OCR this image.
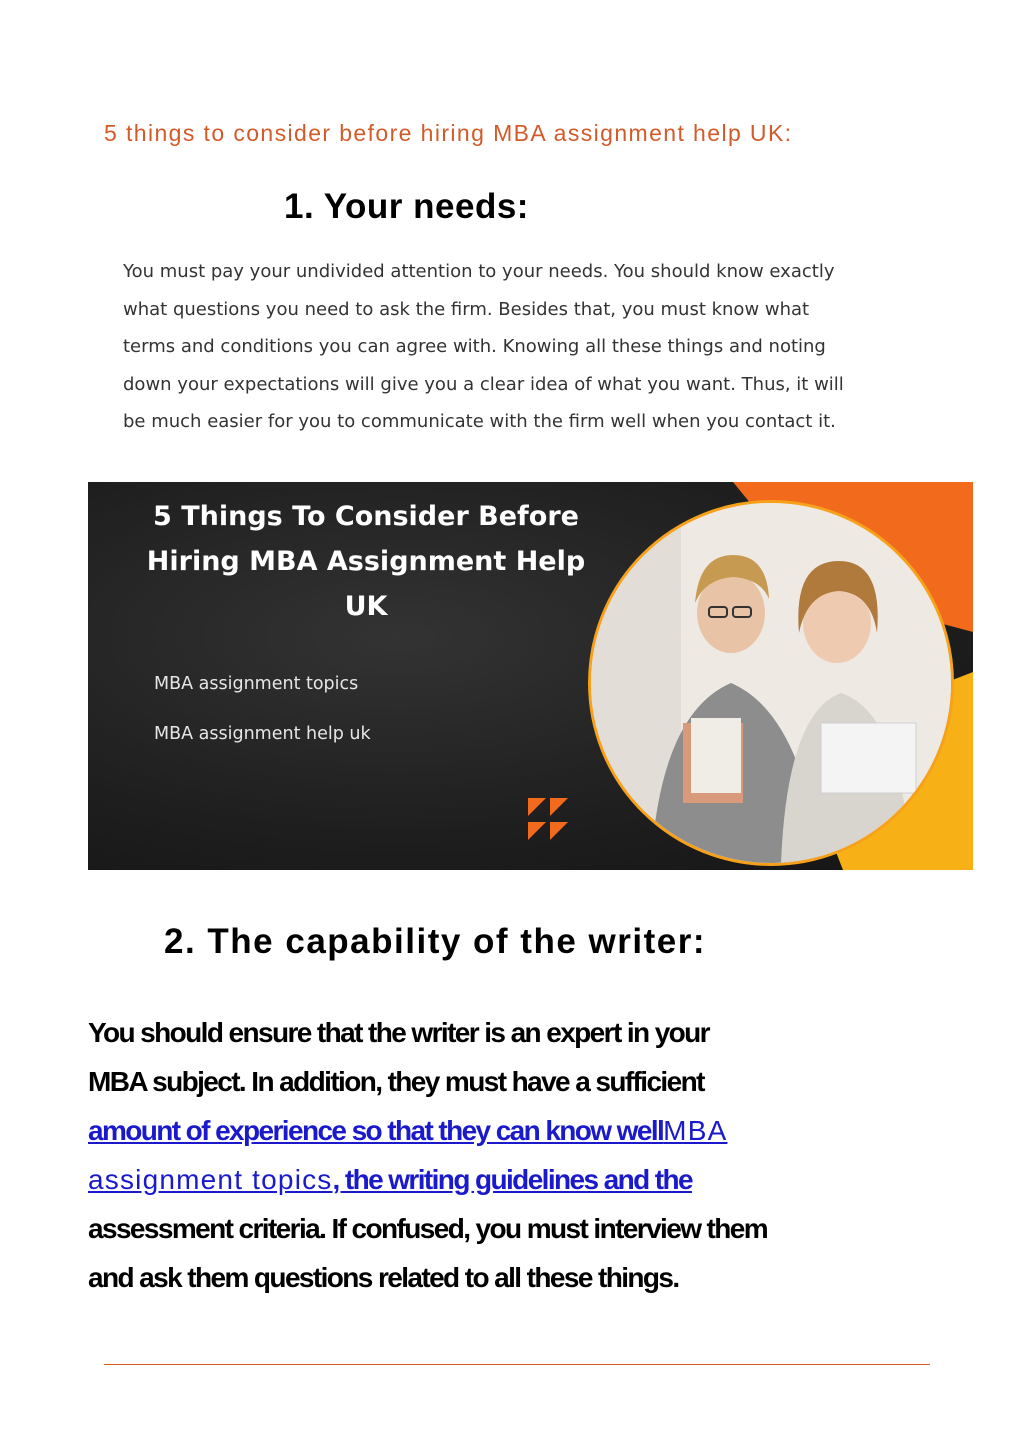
5 things to consider before hiring MBA assignment help UK:
1. Your needs:

You must pay your undivided attention to your needs. You should know exactly

what questions you need to ask the firm. Besides that, you must know what

terms and conditions you can agree with. Knowing all these things and noting

down your expectations will give you a clear idea of what you want. Thus, it will

be much easier for you to communicate with the firm well when you contact it.

5 Things To Consider Before
Hiring MBA Assignment Help
UK
MBA assignment topics
MBA assignment help uk
2. The capability of the writer:
You should ensure that the writer is an expert in your
MBA subject. In addition, they must have a sufficient
amount of experience so that they can know wellMBA
assignment topics, the writing guidelines and the
assessment criteria. If confused, you must interview them
and ask them questions related to all these things.
